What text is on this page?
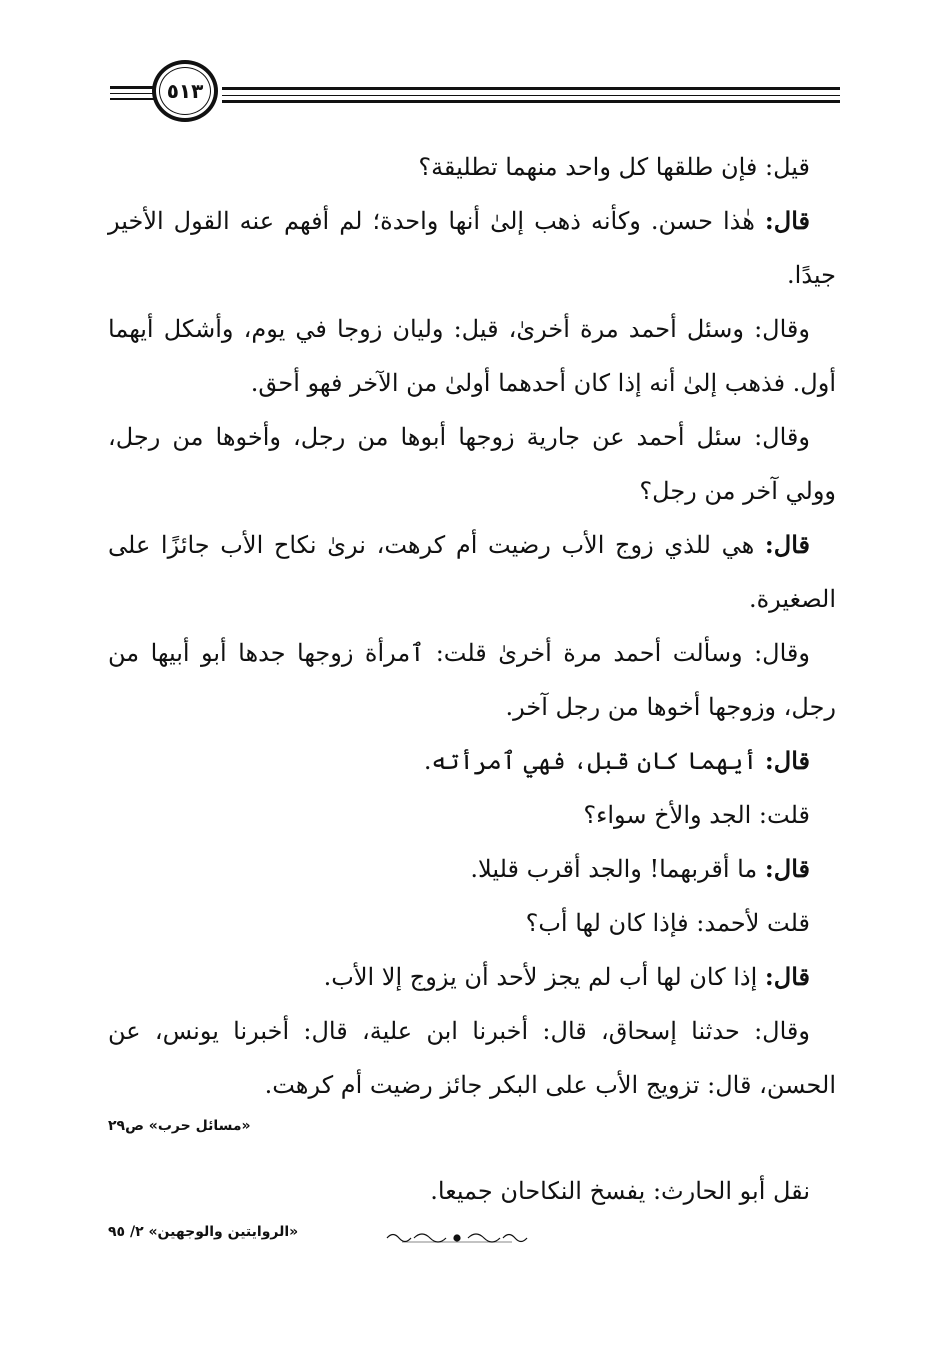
٥١٣

قيل: فإن طلقها كل واحد منهما تطليقة؟

قال: هٰذا حسن. وكأنه ذهب إلىٰ أنها واحدة؛ لم أفهم عنه القول الأخير جيدًا.

وقال: وسئل أحمد مرة أخرىٰ، قيل: وليان زوجا في يوم، وأشكل أيهما أول. فذهب إلىٰ أنه إذا كان أحدهما أولىٰ من الآخر فهو أحق.

وقال: سئل أحمد عن جارية زوجها أبوها من رجل، وأخوها من رجل، وولي آخر من رجل؟

قال: هي للذي زوج الأب رضيت أم كرهت، نرىٰ نكاح الأب جائزًا على الصغيرة.

وقال: وسألت أحمد مرة أخرىٰ قلت: ٱمرأة زوجها جدها أبو أبيها من رجل، وزوجها أخوها من رجل آخر.

قال: أيهما كان قبل، فهي ٱمرأته.

قلت: الجد والأخ سواء؟

قال: ما أقربهما! والجد أقرب قليلا.

قلت لأحمد: فإذا كان لها أب؟

قال: إذا كان لها أب لم يجز لأحد أن يزوج إلا الأب.

وقال: حدثنا إسحاق، قال: أخبرنا ابن علية، قال: أخبرنا يونس، عن الحسن، قال: تزويج الأب على البكر جائز رضيت أم كرهت.

«مسائل حرب» ص٢٩

نقل أبو الحارث: يفسخ النكاحان جميعا.

«الروايتين والوجهين» ٢/ ٩٥
